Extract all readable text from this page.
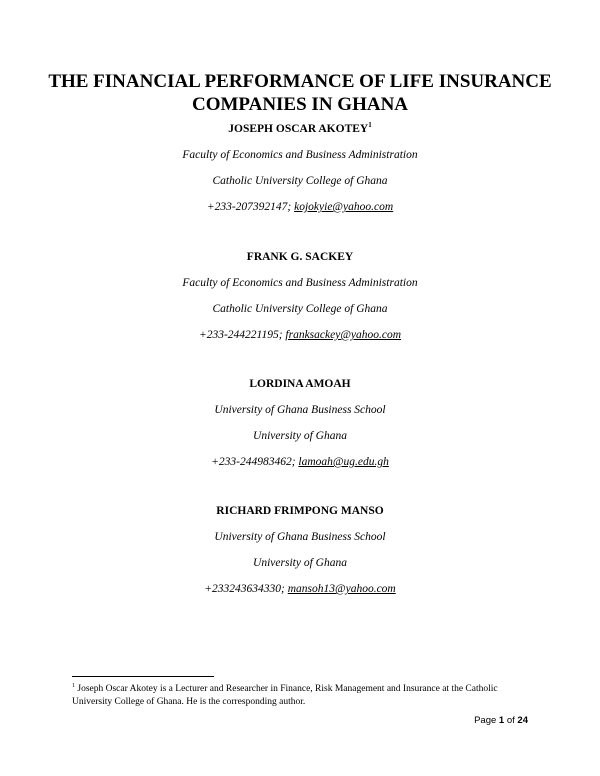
THE FINANCIAL PERFORMANCE OF LIFE INSURANCE COMPANIES IN GHANA

JOSEPH OSCAR AKOTEY$^1$

Faculty of Economics and Business Administration

Catholic University College of Ghana

+233-207392147; kojokyie@yahoo.com

FRANK G. SACKEY

Faculty of Economics and Business Administration

Catholic University College of Ghana

+233-244221195; franksackey@yahoo.com

LORDINA AMOAH

University of Ghana Business School

University of Ghana

+233-244983462; lamoah@ug.edu.gh

RICHARD FRIMPONG MANSO

University of Ghana Business School

University of Ghana

+233243634330; mansoh13@yahoo.com

$^1$ Joseph Oscar Akotey is a Lecturer and Researcher in Finance, Risk Management and Insurance at the Catholic University College of Ghana. He is the corresponding author.

Page 1 of 24
